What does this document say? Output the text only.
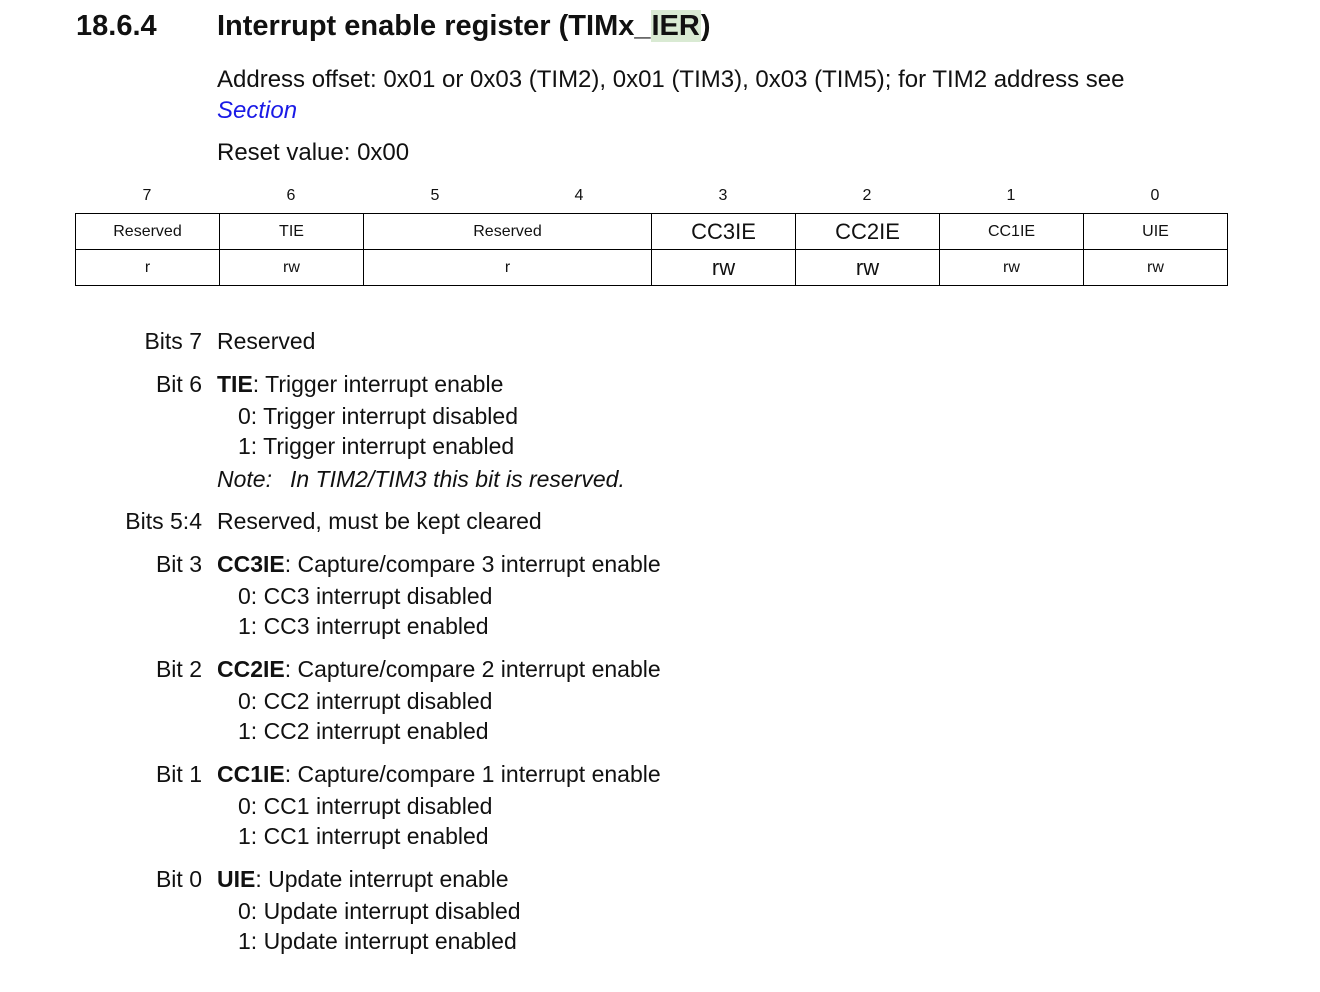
18.6.4 Interrupt enable register (TIMx_IER)
Address offset: 0x01 or 0x03 (TIM2), 0x01 (TIM3), 0x03 (TIM5); for TIM2 address see
Section
Reset value: 0x00
7	6	5	4	3	2	1	0
Reserved	TIE	Reserved	CC3IE	CC2IE	CC1IE	UIE
r	rw	r	rw	rw	rw	rw
Bits 7 Reserved
Bit 6 TIE: Trigger interrupt enable
0: Trigger interrupt disabled
1: Trigger interrupt enabled
Note: In TIM2/TIM3 this bit is reserved.
Bits 5:4 Reserved, must be kept cleared
Bit 3 CC3IE: Capture/compare 3 interrupt enable
0: CC3 interrupt disabled
1: CC3 interrupt enabled
Bit 2 CC2IE: Capture/compare 2 interrupt enable
0: CC2 interrupt disabled
1: CC2 interrupt enabled
Bit 1 CC1IE: Capture/compare 1 interrupt enable
0: CC1 interrupt disabled
1: CC1 interrupt enabled
Bit 0 UIE: Update interrupt enable
0: Update interrupt disabled
1: Update interrupt enabled
